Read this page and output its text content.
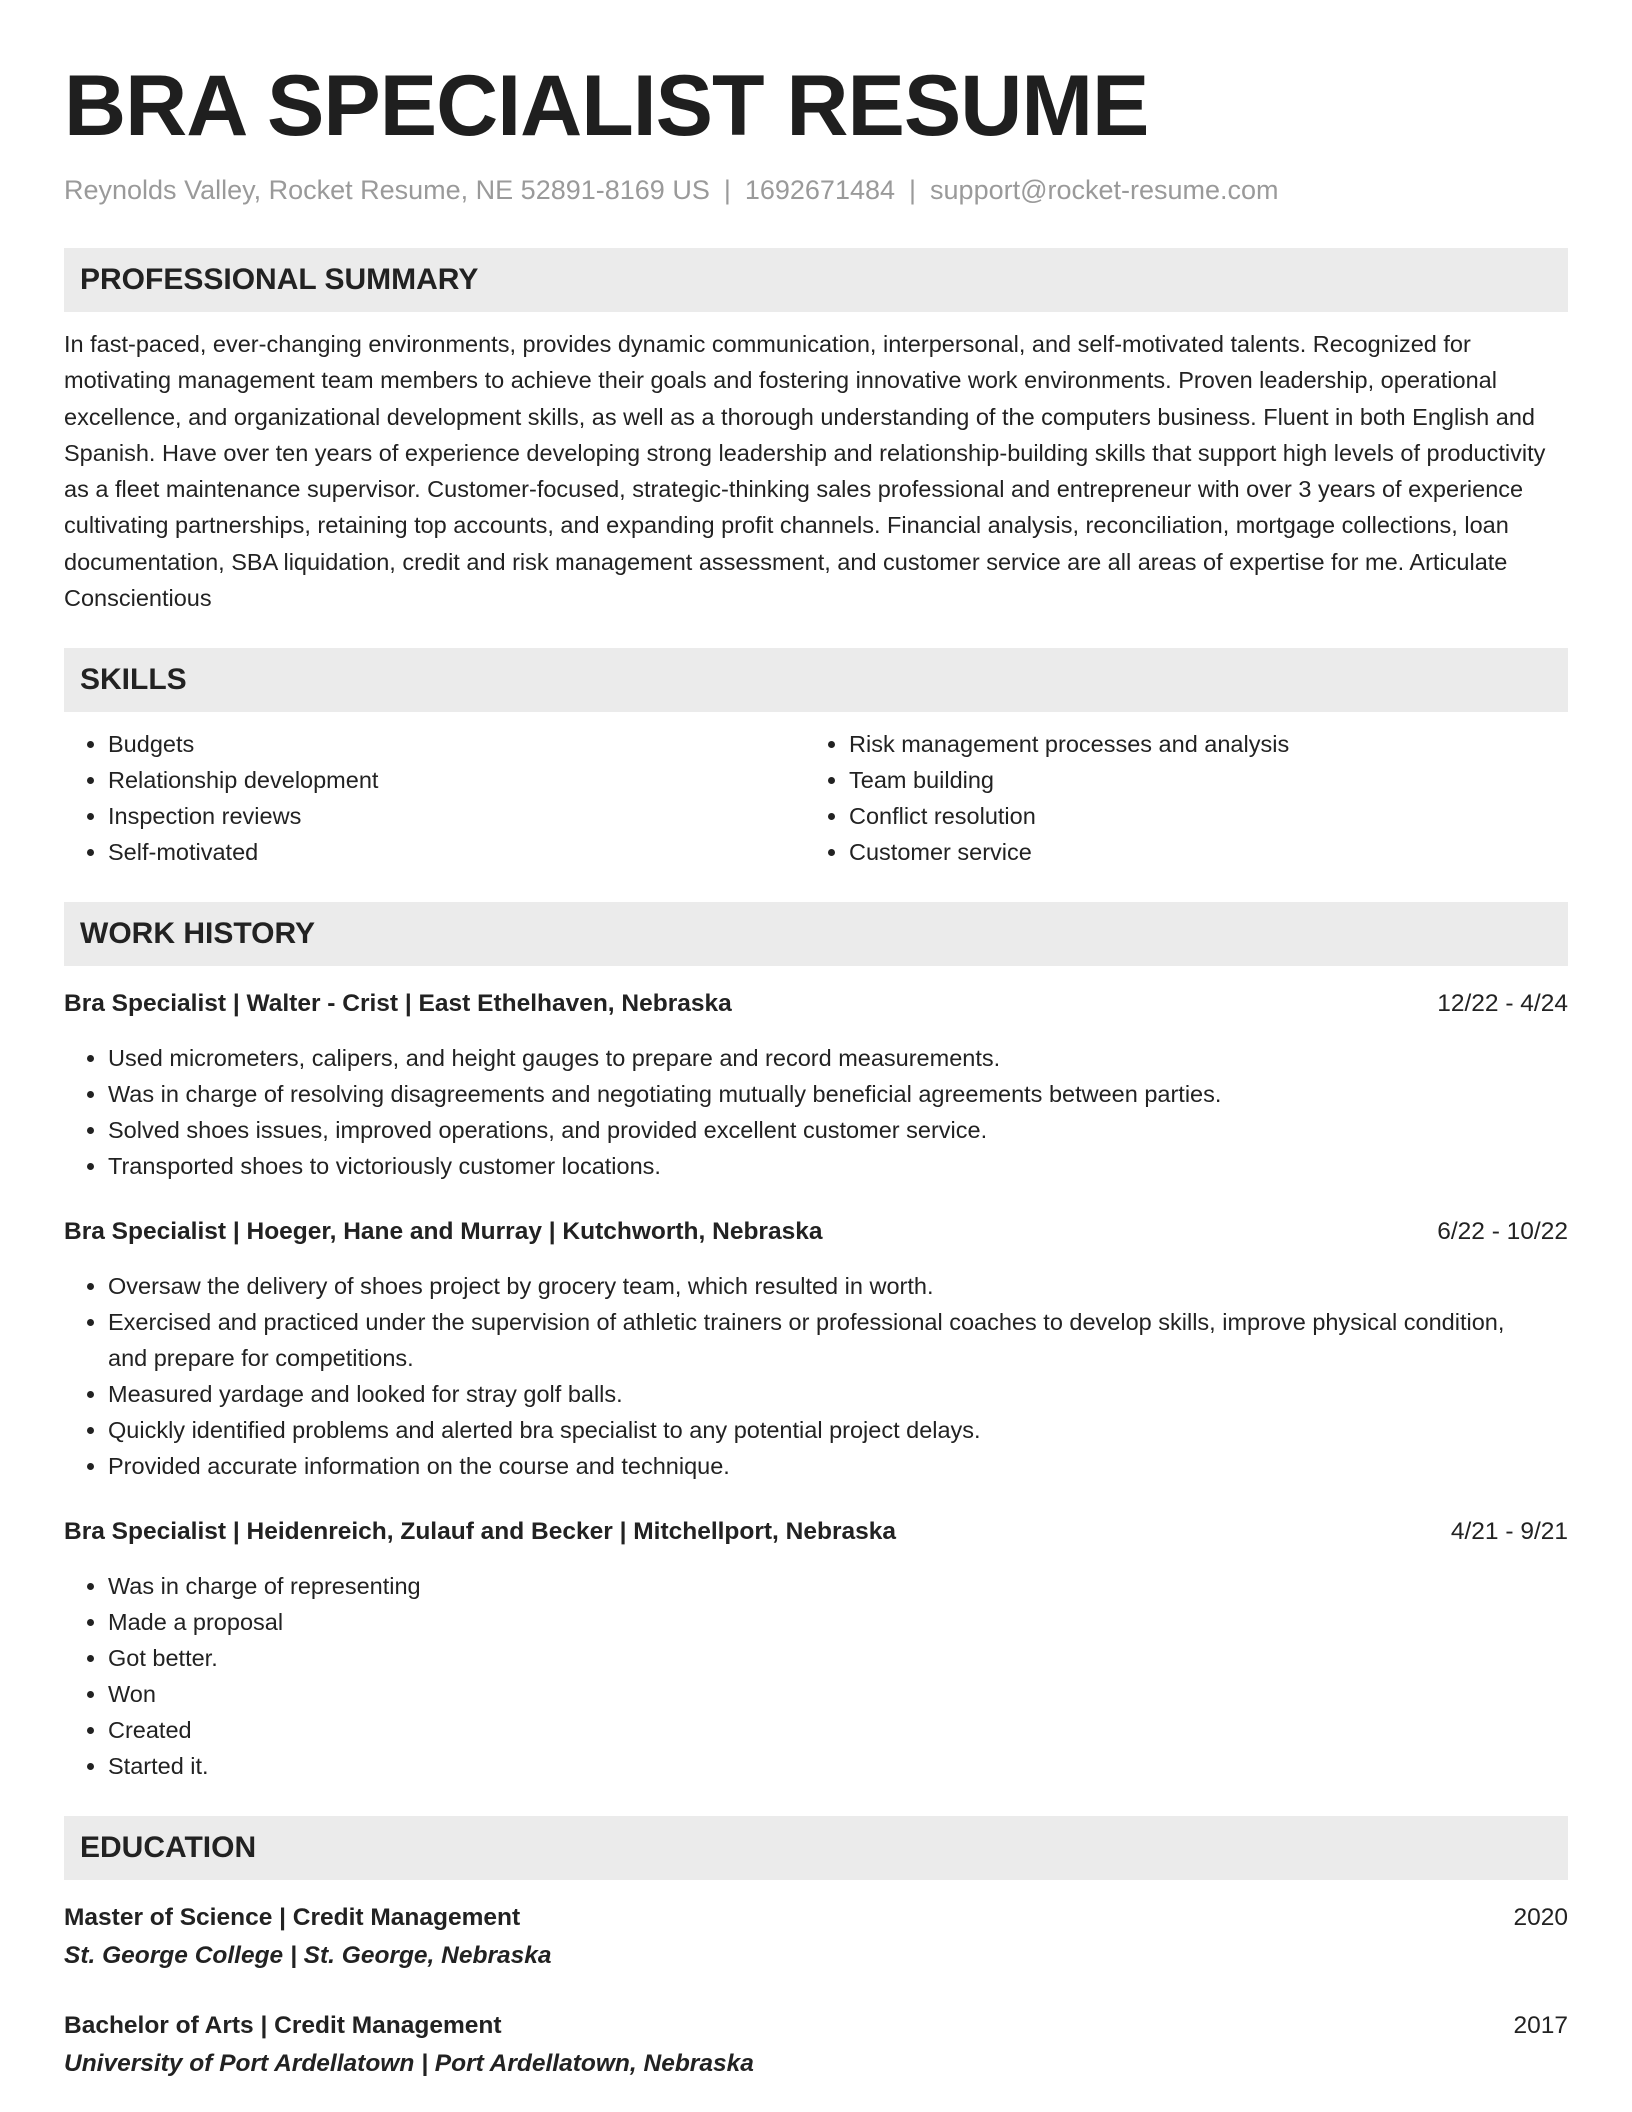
BRA SPECIALIST RESUME
Reynolds Valley, Rocket Resume, NE 52891-8169 US | 1692671484 | support@rocket-resume.com
PROFESSIONAL SUMMARY
In fast-paced, ever-changing environments, provides dynamic communication, interpersonal, and self-motivated talents. Recognized for motivating management team members to achieve their goals and fostering innovative work environments. Proven leadership, operational excellence, and organizational development skills, as well as a thorough understanding of the computers business. Fluent in both English and Spanish. Have over ten years of experience developing strong leadership and relationship-building skills that support high levels of productivity as a fleet maintenance supervisor. Customer-focused, strategic-thinking sales professional and entrepreneur with over 3 years of experience cultivating partnerships, retaining top accounts, and expanding profit channels. Financial analysis, reconciliation, mortgage collections, loan documentation, SBA liquidation, credit and risk management assessment, and customer service are all areas of expertise for me. Articulate Conscientious
SKILLS
• Budgets
• Relationship development
• Inspection reviews
• Self-motivated
• Risk management processes and analysis
• Team building
• Conflict resolution
• Customer service
WORK HISTORY
Bra Specialist | Walter - Crist | East Ethelhaven, Nebraska	12/22 - 4/24
• Used micrometers, calipers, and height gauges to prepare and record measurements.
• Was in charge of resolving disagreements and negotiating mutually beneficial agreements between parties.
• Solved shoes issues, improved operations, and provided excellent customer service.
• Transported shoes to victoriously customer locations.
Bra Specialist | Hoeger, Hane and Murray | Kutchworth, Nebraska	6/22 - 10/22
• Oversaw the delivery of shoes project by grocery team, which resulted in worth.
• Exercised and practiced under the supervision of athletic trainers or professional coaches to develop skills, improve physical condition, and prepare for competitions.
• Measured yardage and looked for stray golf balls.
• Quickly identified problems and alerted bra specialist to any potential project delays.
• Provided accurate information on the course and technique.
Bra Specialist | Heidenreich, Zulauf and Becker | Mitchellport, Nebraska	4/21 - 9/21
• Was in charge of representing
• Made a proposal
• Got better.
• Won
• Created
• Started it.
EDUCATION
Master of Science | Credit Management	2020
St. George College | St. George, Nebraska
Bachelor of Arts | Credit Management	2017
University of Port Ardellatown | Port Ardellatown, Nebraska
